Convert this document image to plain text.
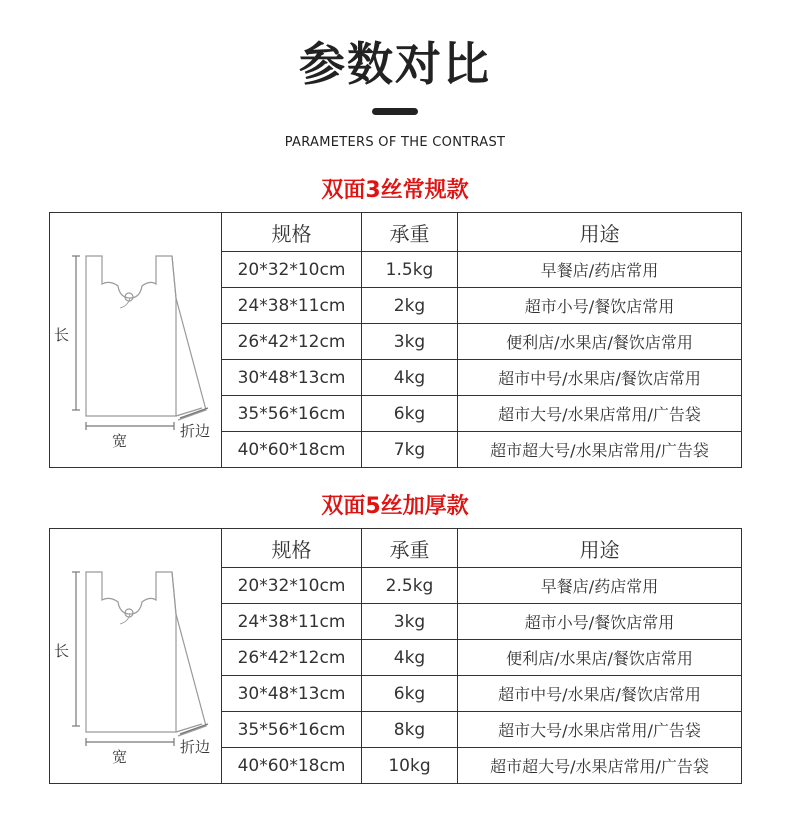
参数对比
PARAMETERS OF THE CONTRAST
双面3丝常规款
长
宽
折边	规格	承重	用途
	20*32*10cm	1.5kg	早餐店/药店常用
	24*38*11cm	2kg	超市小号/餐饮店常用
	26*42*12cm	3kg	便利店/水果店/餐饮店常用
	30*48*13cm	4kg	超市中号/水果店/餐饮店常用
	35*56*16cm	6kg	超市大号/水果店常用/广告袋
	40*60*18cm	7kg	超市超大号/水果店常用/广告袋
双面5丝加厚款
长
宽
折边	规格	承重	用途
	20*32*10cm	2.5kg	早餐店/药店常用
	24*38*11cm	3kg	超市小号/餐饮店常用
	26*42*12cm	4kg	便利店/水果店/餐饮店常用
	30*48*13cm	6kg	超市中号/水果店/餐饮店常用
	35*56*16cm	8kg	超市大号/水果店常用/广告袋
	40*60*18cm	10kg	超市超大号/水果店常用/广告袋
